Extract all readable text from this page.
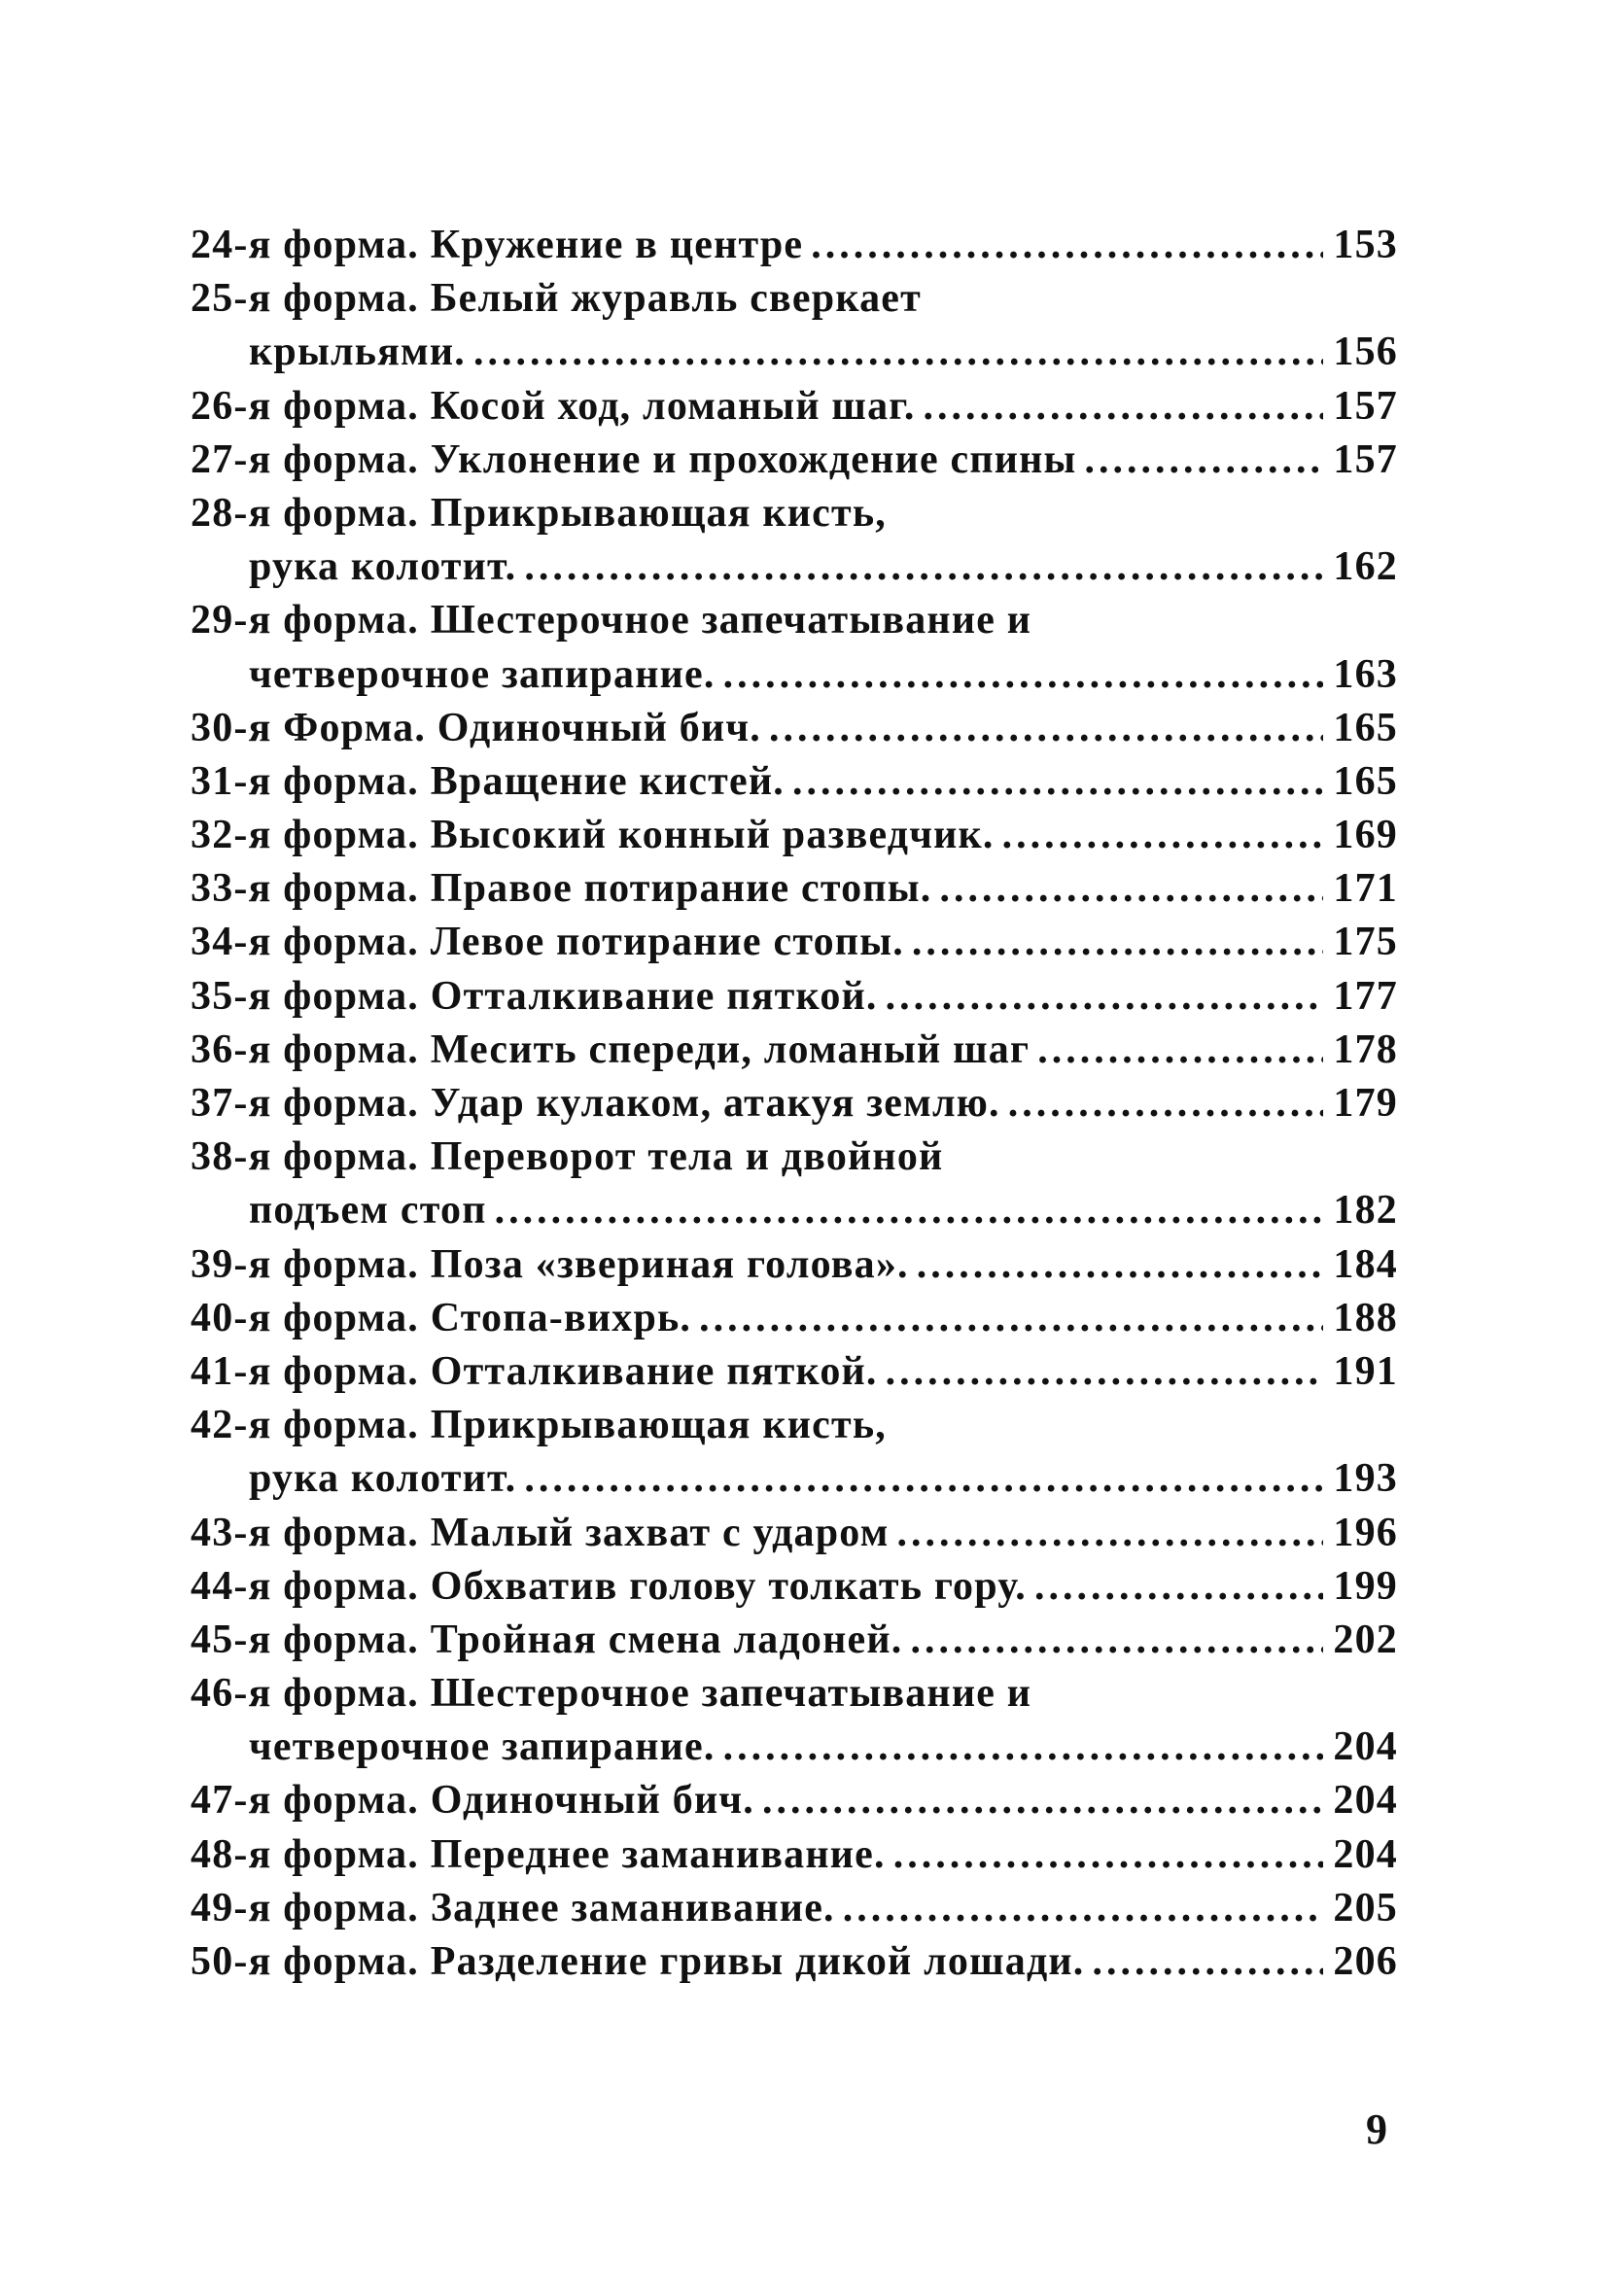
24-я форма. Кружение в центре .....	153
25-я форма. Белый журавль сверкает
крыльями. .....	156
26-я форма. Косой ход, ломаный шаг. .....	157
27-я форма. Уклонение и прохождение спины .....	157
28-я форма. Прикрывающая кисть,
рука колотит. .....	162
29-я форма. Шестерочное запечатывание и
четверочное запирание. .....	163
30-я Форма. Одиночный бич. .....	165
31-я форма. Вращение кистей. .....	165
32-я форма. Высокий конный разведчик. .....	169
33-я форма. Правое потирание стопы. .....	171
34-я форма. Левое потирание стопы. .....	175
35-я форма. Отталкивание пяткой. .....	177
36-я форма. Месить спереди, ломаный шаг .....	178
37-я форма. Удар кулаком, атакуя землю. .....	179
38-я форма. Переворот тела и двойной
подъем стоп .....	182
39-я форма. Поза «звериная голова». .....	184
40-я форма. Стопа-вихрь. .....	188
41-я форма. Отталкивание пяткой. .....	191
42-я форма. Прикрывающая кисть,
рука колотит. .....	193
43-я форма. Малый захват с ударом .....	196
44-я форма. Обхватив голову толкать гору. .....	199
45-я форма. Тройная смена ладоней. .....	202
46-я форма. Шестерочное запечатывание и
четверочное запирание. .....	204
47-я форма. Одиночный бич. .....	204
48-я форма. Переднее заманивание. .....	204
49-я форма. Заднее заманивание. .....	205
50-я форма. Разделение гривы дикой лошади. .....	206
9
